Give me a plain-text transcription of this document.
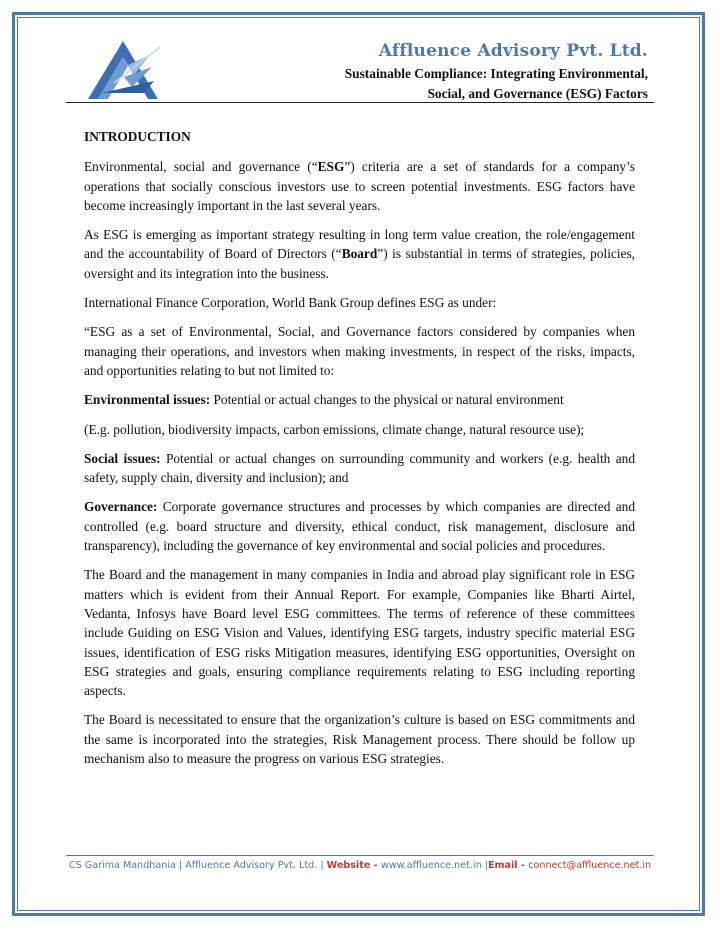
Affluence Advisory Pvt. Ltd.
Sustainable Compliance: Integrating Environmental,
Social, and Governance (ESG) Factors

INTRODUCTION

Environmental, social and governance (“ESG”) criteria are a set of standards for a company’s operations that socially conscious investors use to screen potential investments. ESG factors have become increasingly important in the last several years.

As ESG is emerging as important strategy resulting in long term value creation, the role/engagement and the accountability of Board of Directors (“Board”) is substantial in terms of strategies, policies, oversight and its integration into the business.

International Finance Corporation, World Bank Group defines ESG as under:

“ESG as a set of Environmental, Social, and Governance factors considered by companies when managing their operations, and investors when making investments, in respect of the risks, impacts, and opportunities relating to but not limited to:

Environmental issues: Potential or actual changes to the physical or natural environment

(E.g. pollution, biodiversity impacts, carbon emissions, climate change, natural resource use);

Social issues: Potential or actual changes on surrounding community and workers (e.g. health and safety, supply chain, diversity and inclusion); and

Governance: Corporate governance structures and processes by which companies are directed and controlled (e.g. board structure and diversity, ethical conduct, risk management, disclosure and transparency), including the governance of key environmental and social policies and procedures.

The Board and the management in many companies in India and abroad play significant role in ESG matters which is evident from their Annual Report. For example, Companies like Bharti Airtel, Vedanta, Infosys have Board level ESG committees. The terms of reference of these committees include Guiding on ESG Vision and Values, identifying ESG targets, industry specific material ESG issues, identification of ESG risks Mitigation measures, identifying ESG opportunities, Oversight on ESG strategies and goals, ensuring compliance requirements relating to ESG including reporting aspects.

The Board is necessitated to ensure that the organization’s culture is based on ESG commitments and the same is incorporated into the strategies, Risk Management process. There should be follow up mechanism also to measure the progress on various ESG strategies.

CS Garima Mandhania | Affluence Advisory Pvt. Ltd. | Website - www.affluence.net.in |Email - connect@affluence.net.in
